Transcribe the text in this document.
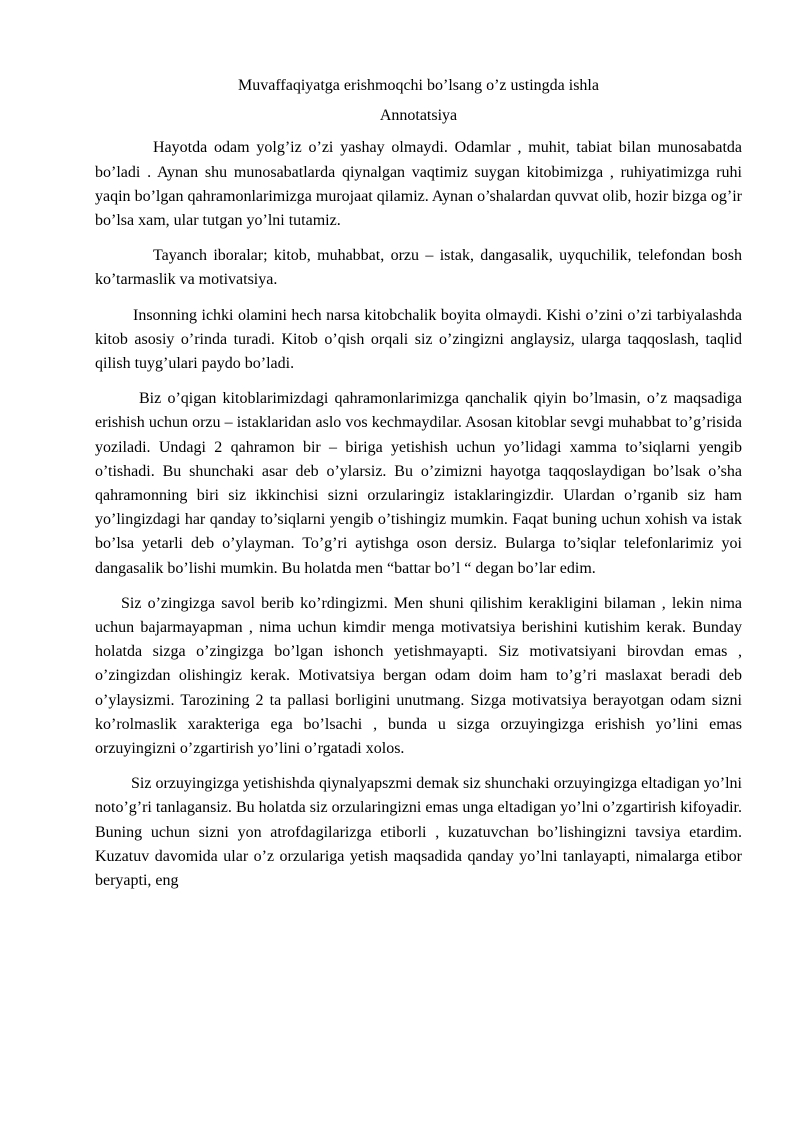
Muvaffaqiyatga erishmoqchi bo’lsang o’z ustingda ishla
Annotatsiya

Hayotda odam yolg’iz o’zi yashay olmaydi. Odamlar , muhit, tabiat bilan munosabatda bo’ladi . Aynan shu munosabatlarda qiynalgan vaqtimiz suygan kitobimizga , ruhiyatimizga ruhi yaqin bo’lgan qahramonlarimizga murojaat qilamiz. Aynan o’shalardan quvvat olib, hozir bizga og’ir bo’lsa xam, ular tutgan yo’lni tutamiz.

Tayanch iboralar; kitob, muhabbat, orzu – istak, dangasalik, uyquchilik, telefondan bosh ko’tarmaslik va motivatsiya.

Insonning ichki olamini hech narsa kitobchalik boyita olmaydi. Kishi o’zini o’zi tarbiyalashda kitob asosiy o’rinda turadi. Kitob o’qish orqali siz o’zingizni anglaysiz, ularga taqqoslash, taqlid qilish tuyg’ulari paydo bo’ladi.

Biz o’qigan kitoblarimizdagi qahramonlarimizga qanchalik qiyin bo’lmasin, o’z maqsadiga erishish uchun orzu – istaklaridan aslo vos kechmaydilar. Asosan kitoblar sevgi muhabbat to’g’risida yoziladi. Undagi 2 qahramon bir – biriga yetishish uchun yo’lidagi xamma to’siqlarni yengib o’tishadi. Bu shunchaki asar deb o’ylarsiz. Bu o’zimizni hayotga taqqoslaydigan bo’lsak o’sha qahramonning biri siz ikkinchisi sizni orzularingiz istaklaringizdir. Ulardan o’rganib siz ham yo’lingizdagi har qanday to’siqlarni yengib o’tishingiz mumkin. Faqat buning uchun xohish va istak bo’lsa yetarli deb o’ylayman. To’g’ri aytishga oson dersiz. Bularga to’siqlar telefonlarimiz yoi dangasalik bo’lishi mumkin. Bu holatda men “battar bo’l “ degan bo’lar edim.

Siz o’zingizga savol berib ko’rdingizmi. Men shuni qilishim kerakligini bilaman , lekin nima uchun bajarmayapman , nima uchun kimdir menga motivatsiya berishini kutishim kerak. Bunday holatda sizga o’zingizga bo’lgan ishonch yetishmayapti. Siz motivatsiyani birovdan emas , o’zingizdan olishingiz kerak. Motivatsiya bergan odam doim ham to’g’ri maslaxat beradi deb o’ylaysizmi. Tarozining 2 ta pallasi borligini unutmang. Sizga motivatsiya berayotgan odam sizni ko’rolmaslik xarakteriga ega bo’lsachi , bunda u sizga orzuyingizga erishish yo’lini emas orzuyingizni o’zgartirish yo’lini o’rgatadi xolos.

Siz orzuyingizga yetishishda qiynalyapszmi demak siz shunchaki orzuyingizga eltadigan yo’lni noto’g’ri tanlagansiz. Bu holatda siz orzularingizni emas unga eltadigan yo’lni o’zgartirish kifoyadir. Buning uchun sizni yon atrofdagilarizga etiborli , kuzatuvchan bo’lishingizni tavsiya etardim. Kuzatuv davomida ular o’z orzulariga yetish maqsadida qanday yo’lni tanlayapti, nimalarga etibor beryapti, eng
